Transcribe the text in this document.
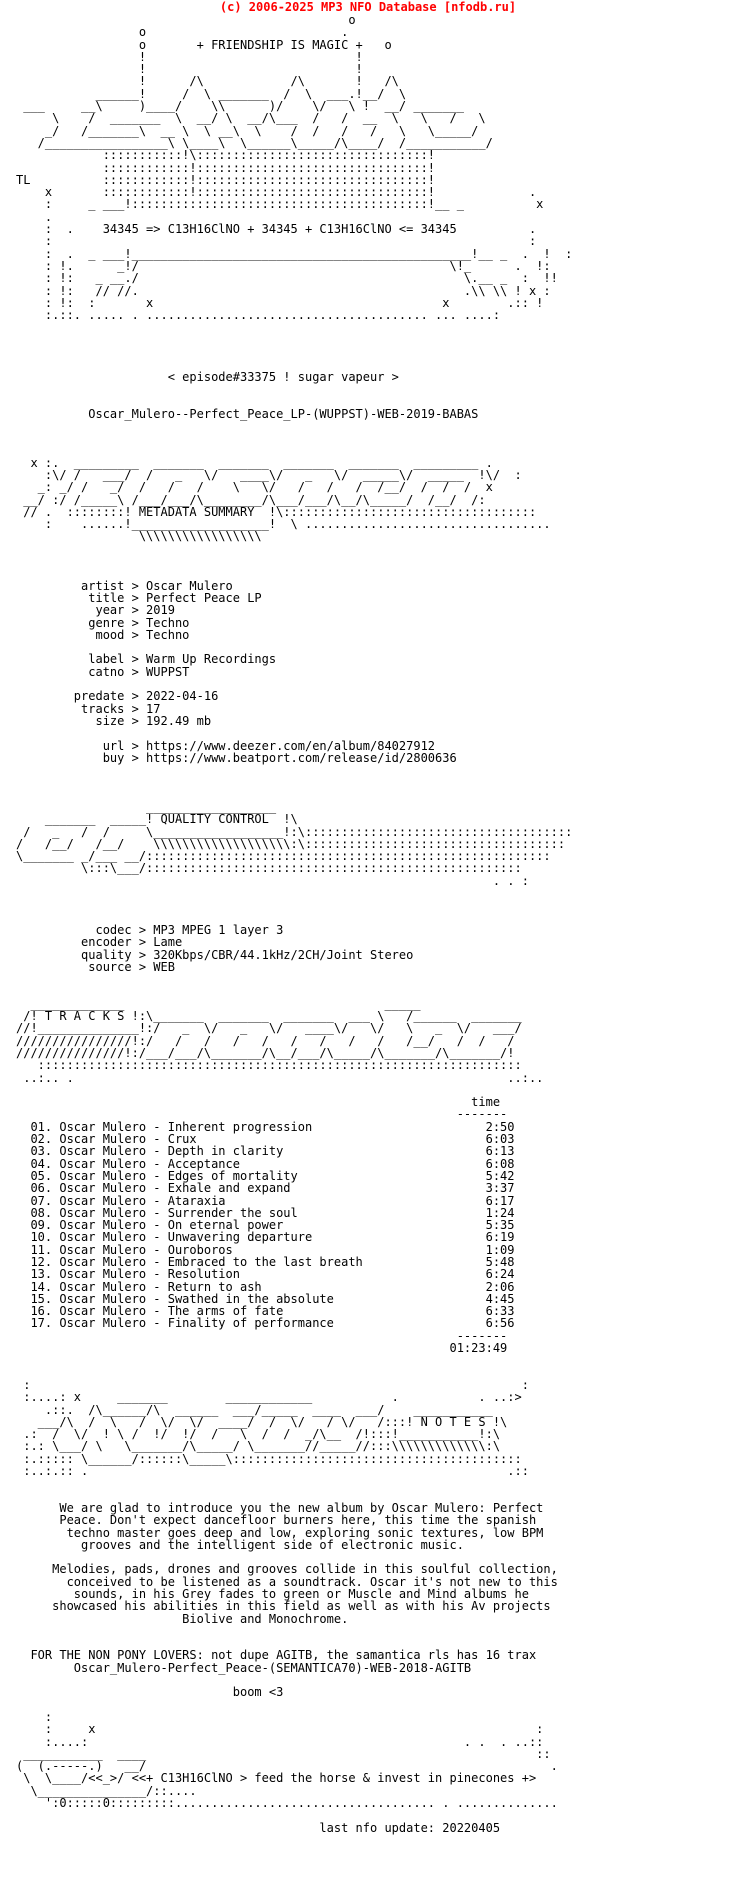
(c) 2006-2025 MP3 NFO Database [nfodb.ru]
o ​
o                           . ​
o       + FRIENDSHIP IS MAGIC +   o ​
!                             ! ​
!                             ! ​
!      /\            /\       !   /\ ​
______!     /  \ _______  /  \  ___.!__/  \ ​
___     __\     )____/    \\      )/    \/   \ !  __/ _______ ​
\    /  _______  \  __/ \  __/\___  /   /  __  \   \   /   \ ​
_/   /_______\  __ \  \ __\  \    /  /   /   /   \   \_____/ ​
/_________________\ \____\  \______\_____/\____/  /___________/ ​
:::::::::::!\::::::::::::::::::::::::::::::::! ​
::::::::::::!::::::::::::::::::::::::::::::::! ​
TL          ::::::::::::!::::::::::::::::::::::::::::::::! ​
x       ::::::::::::!::::::::::::::::::::::::::::::::!             . ​
:     _ ___!:::::::::::::::::::::::::::::::::::::::::!__ _          x ​
. ​
:  .    34345 => C13H16ClNO + 34345 + C13H16ClNO <= 34345          . ​
:                                                                  : ​
:  .  _ ___!_______________________________________________!__ _  .  !  : ​
: !.      _!/                                           \!_      .  !: ​
: !:   _ __./                                             \.__ _  :  !! ​
: !:   // //.                                             .\\ \\ ! x : ​
: !:  :       x                                        x        .:: ! ​
:.::. ..... . ....................................... ... ....: ​
​
​
​
​
< episode#33375 ! sugar vapeur > ​
​
​
Oscar_Mulero--Perfect_Peace_LP-(WUPPST)-WEB-2019-BABAS ​
​
​
​
x :.  _________  _______  _______  _______  _______  _________ . ​
:\/ /   ___/  /   _   \/   ____\/   _   \/  _____\/  _____  !\/  : ​
_: _/ /   _/  /   /   /    \   \/   /   /   /  /__/  /  /  /  x ​
__/ :/ /_____\ /___/___/\________/\___/___/\__/\_____/  /__/  /: ​
// .  ::::::::! METADATA SUMMARY  !\::::::::::::::::::::::::::::::::::: ​
:    ......!___________________!  \ .................................. ​
\\\\\\\\\\\\\\\\\ ​
​
​
​
artist > Oscar Mulero ​
title > Perfect Peace LP ​
year > 2019 ​
genre > Techno ​
mood > Techno ​
​
label > Warm Up Recordings ​
catno > WUPPST ​
​
predate > 2022-04-16 ​
tracks > 17 ​
size > 192.49 mb ​
​
url > https://www.deezer.com/en/album/84027912 ​
buy > https://www.beatport.com/release/id/2800636 ​
​
​
​
__________________ ​
_______  _____! QUALITY CONTROL  !\ ​
/   _   /  /     \__________________!:\::::::::::::::::::::::::::::::::::::: ​
/   /__/   /__/    \\\\\\\\\\\\\\\\\\\:\:::::::::::::::::::::::::::::::::::: ​
\_______ _/___ __/:::::::::::::::::::::::::::::::::::::::::::::::::::::::: ​
\:::\___/:::::::::::::::::::::::::::::::::::::::::::::::::::: ​
. . : ​
​
​
​
codec > MP3 MPEG 1 layer 3 ​
encoder > Lame ​
quality > 320Kbps/CBR/44.1kHz/2CH/Joint Stereo ​
source > WEB ​
​
​
_____________                                    _____ ​
/! T R A C K S !:\_______  _______  _______  ___ \   /______  _______ ​
//!______________!:/   _  \/   _   \/   ____\/   \/   \   _  \/   ___/ ​
////////////////!:/   /   /   /   /   /   /   /   /   /__/   /  /   / ​
///////////////!:/___/___/\_______/\__/___/\_____/\_______/\_______/! ​
::::::::::::::::::::::::::::::::::::::::::::::::::::::::::::::::::: ​
..:.. .                                                            ..:.. ​
​
time ​
------- ​
01. Oscar Mulero - Inherent progression                        2:50 ​
02. Oscar Mulero - Crux                                        6:03 ​
03. Oscar Mulero - Depth in clarity                            6:13 ​
04. Oscar Mulero - Acceptance                                  6:08 ​
05. Oscar Mulero - Edges of mortality                          5:42 ​
06. Oscar Mulero - Exhale and expand                           3:37 ​
07. Oscar Mulero - Ataraxia                                    6:17 ​
08. Oscar Mulero - Surrender the soul                          1:24 ​
09. Oscar Mulero - On eternal power                            5:35 ​
10. Oscar Mulero - Unwavering departure                        6:19 ​
11. Oscar Mulero - Ouroboros                                   1:09 ​
12. Oscar Mulero - Embraced to the last breath                 5:48 ​
13. Oscar Mulero - Resolution                                  6:24 ​
14. Oscar Mulero - Return to ash                               2:06 ​
15. Oscar Mulero - Swathed in the absolute                     4:45 ​
16. Oscar Mulero - The arms of fate                            6:33 ​
17. Oscar Mulero - Finality of performance                     6:56 ​
------- ​
01:23:49 ​
​
​
:                                                                    : ​
:....: x     _______        ____________           .           . ..:> ​
.::.  /\______/\  ______  ___/_____  ____  ___/    ___________ ​
___/\  /  \   /  \/  \/  ____/  /  \/   / \/   /:::! N O T E S !\ ​
.:  /  \/  ! \ /  !/  !/  /   \  /  /  _/\__  /!:::!___________!:\ ​
:.: \___/ \   \_______/\_____/ \_______//_____//:::\\\\\\\\\\\\\:\ ​
:.::::: \______/::::::\_____\:::::::::::::::::::::::::::::::::::::::: ​
:..:.:: .                                                          .:: ​
​
​
We are glad to introduce you the new album by Oscar Mulero: Perfect ​
Peace. Don't expect dancefloor burners here, this time the spanish ​
techno master goes deep and low, exploring sonic textures, low BPM ​
grooves and the intelligent side of electronic music. ​
​
Melodies, pads, drones and grooves collide in this soulful collection, ​
conceived to be listened as a soundtrack. Oscar it's not new to this ​
sounds, in his Grey fades to green or Muscle and Mind albums he ​
showcased his abilities in this field as well as with his Av projects ​
Biolive and Monochrome. ​
​
​
FOR THE NON PONY LOVERS: not dupe AGITB, the samantica rls has 16 trax ​
Oscar_Mulero-Perfect_Peace-(SEMANTICA70)-WEB-2018-AGITB ​
​
boom <3 ​
​
: ​
:     x                                                             : ​
:....:                                                    . .  . ..:: ​
___________  ____                                                      :: ​
(  (.-----.)   __/                                                        . ​
\  \____/<<_>/ <<+ C13H16ClNO > feed the horse & invest in pinecones +> ​
\_______________/::.... ​
':0:::::0:::::::::.................................... . .............. ​
​
last nfo update: 20220405 ​
